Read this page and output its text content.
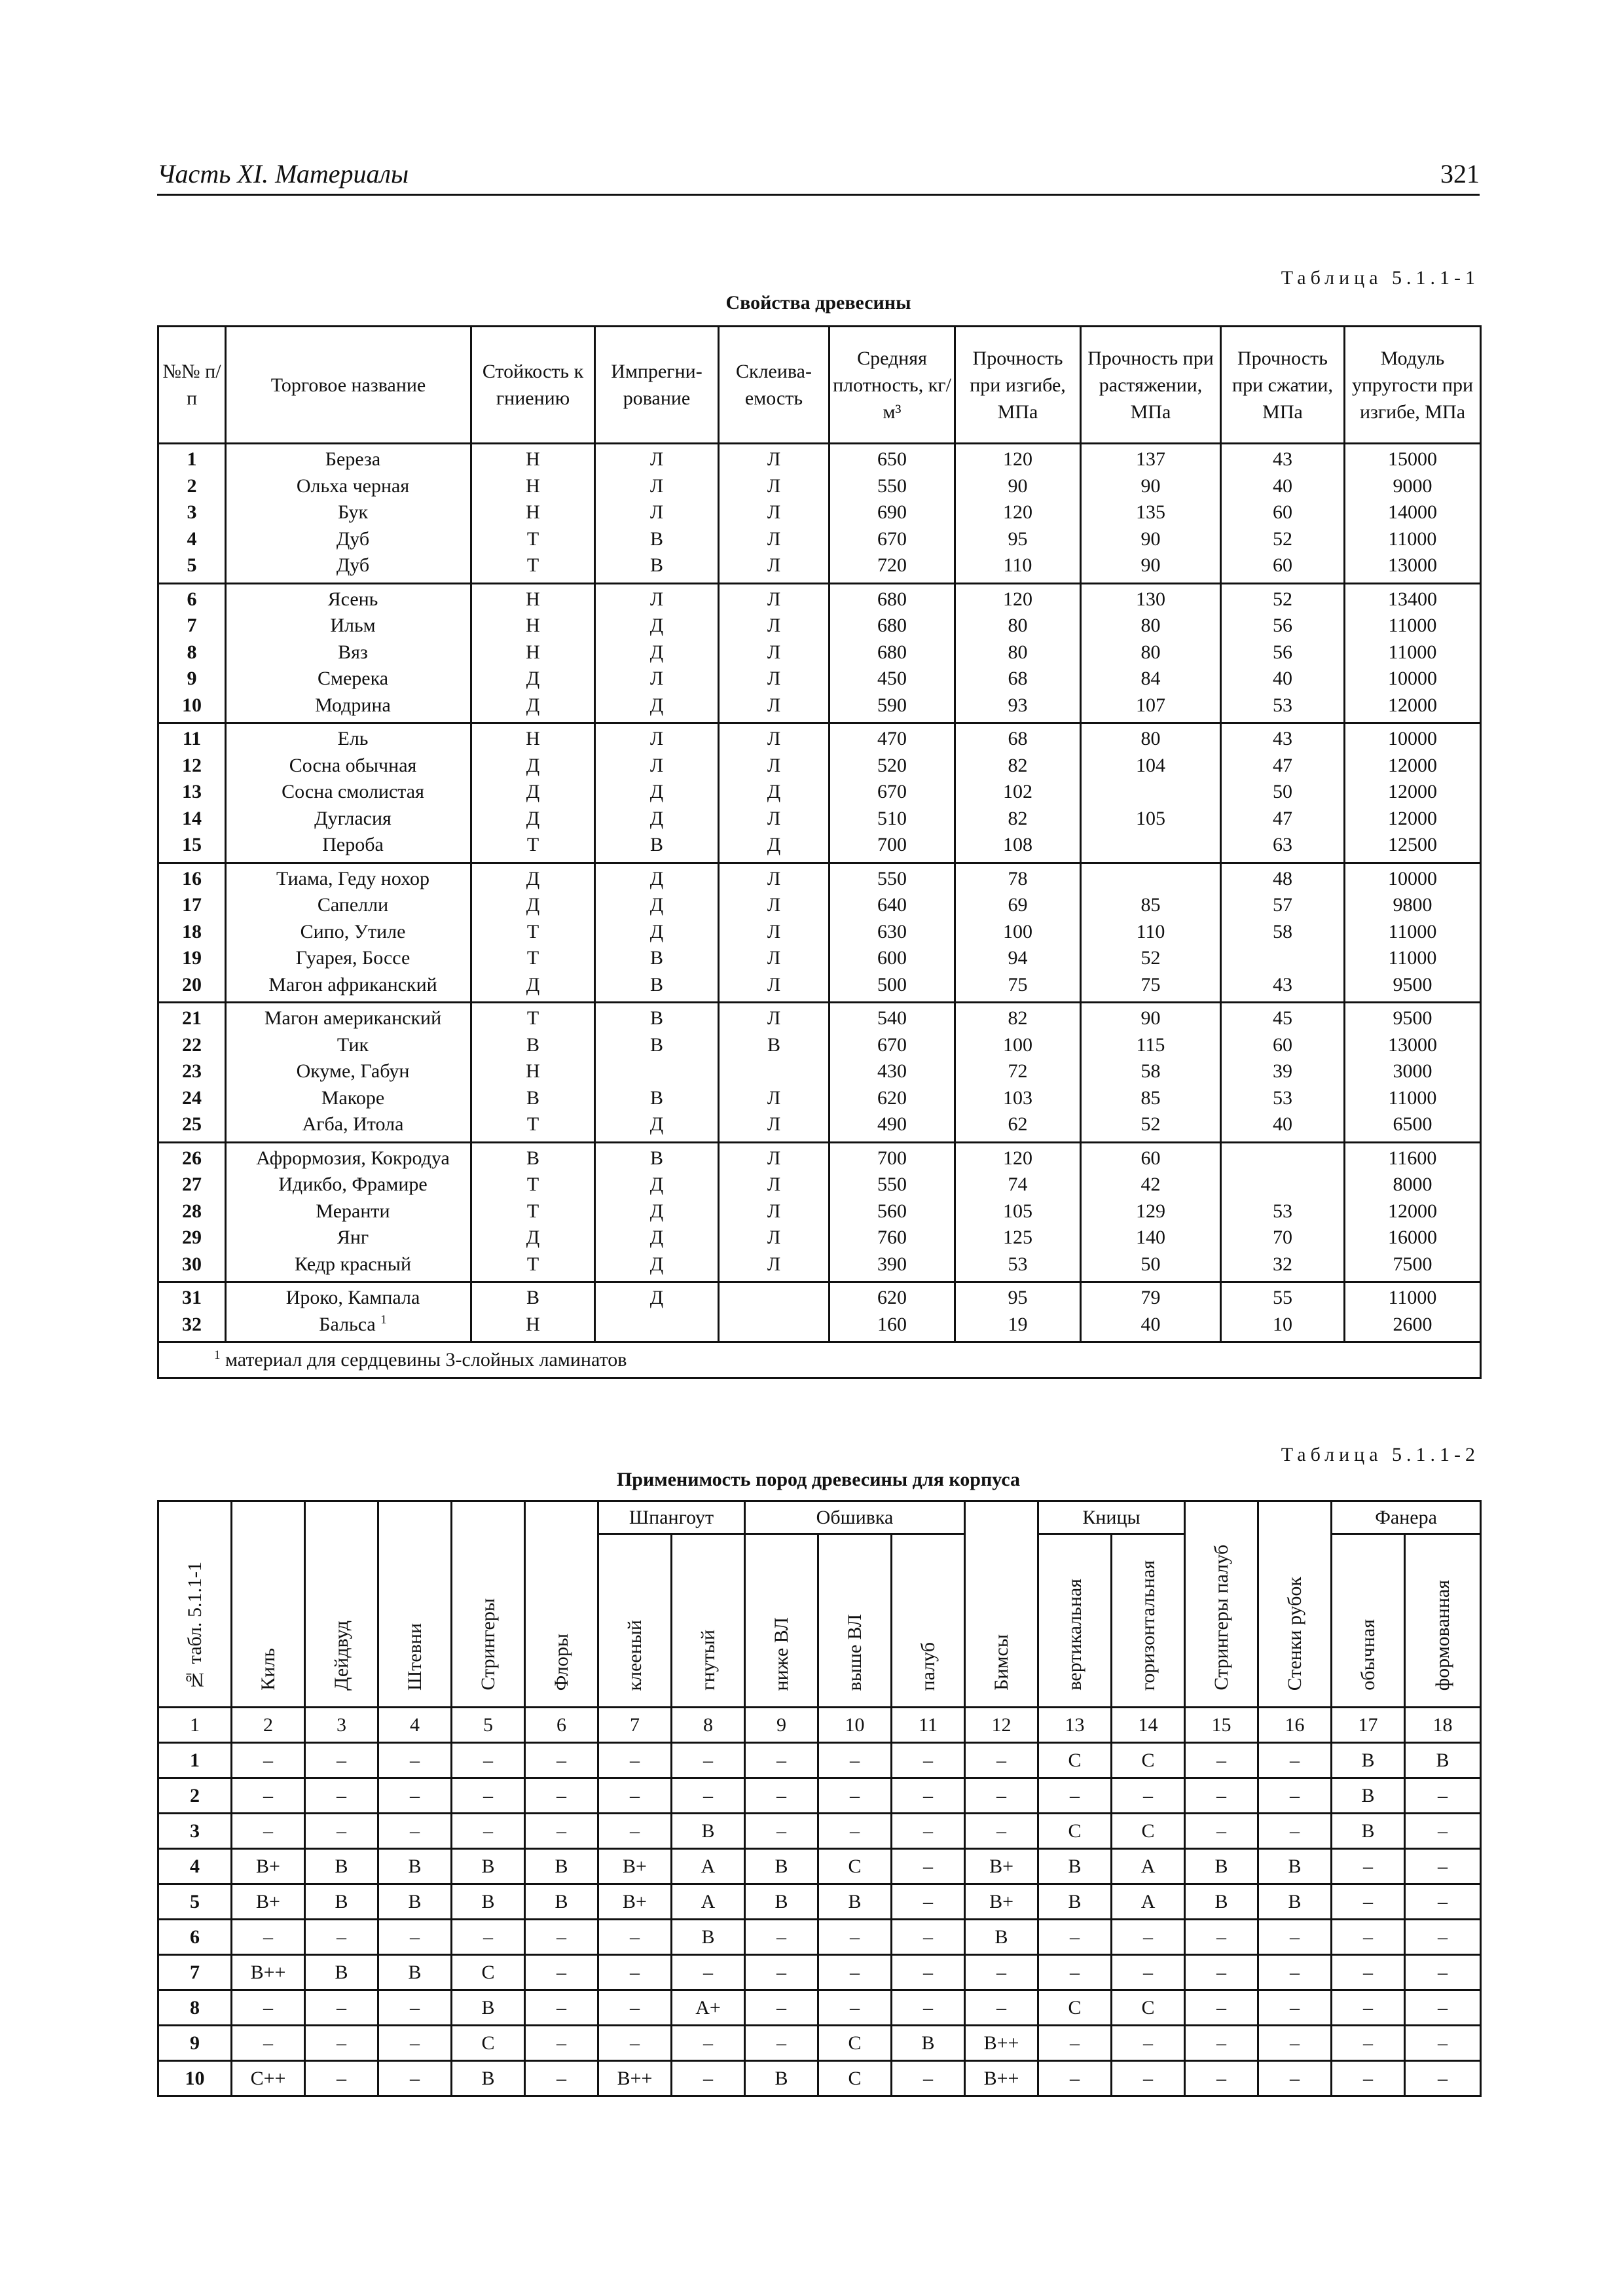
Часть XI. Материалы	321
Таблица 5.1.1-1
Свойства древесины
№№ п/п	Торговое название	Стойкость к гниению	Импрегни- рование	Склеива- емость	Средняя плотность, кг/м³	Прочность при изгибе, МПа	Прочность при растяжении, МПа	Прочность при сжатии, МПа	Модуль упругости при изгибе, МПа
1	Береза	Н	Л	Л	650	120	137	43	15000
2	Ольха черная	Н	Л	Л	550	90	90	40	9000
3	Бук	Н	Л	Л	690	120	135	60	14000
4	Дуб	Т	В	Л	670	95	90	52	11000
5	Дуб	Т	В	Л	720	110	90	60	13000
6	Ясень	Н	Л	Л	680	120	130	52	13400
7	Ильм	Н	Д	Л	680	80	80	56	11000
8	Вяз	Н	Д	Л	680	80	80	56	11000
9	Смерека	Д	Л	Л	450	68	84	40	10000
10	Модрина	Д	Д	Л	590	93	107	53	12000
11	Ель	Н	Л	Л	470	68	80	43	10000
12	Сосна обычная	Д	Л	Л	520	82	104	47	12000
13	Сосна смолистая	Д	Д	Д	670	102		50	12000
14	Дугласия	Д	Д	Л	510	82	105	47	12000
15	Пероба	Т	В	Д	700	108		63	12500
16	Тиама, Геду нохор	Д	Д	Л	550	78		48	10000
17	Сапелли	Д	Д	Л	640	69	85	57	9800
18	Сипо, Утиле	Т	Д	Л	630	100	110	58	11000
19	Гуарея, Боссе	Т	В	Л	600	94	52		11000
20	Магон африканский	Д	В	Л	500	75	75	43	9500
21	Магон американский	Т	В	Л	540	82	90	45	9500
22	Тик	В	В	В	670	100	115	60	13000
23	Окуме, Габун	Н			430	72	58	39	3000
24	Макоре	В	В	Л	620	103	85	53	11000
25	Агба, Итола	Т	Д	Л	490	62	52	40	6500
26	Афрормозия, Кокродуа	В	В	Л	700	120	60		11600
27	Идикбо, Фрамире	Т	Д	Л	550	74	42		8000
28	Меранти	Т	Д	Л	560	105	129	53	12000
29	Янг	Д	Д	Л	760	125	140	70	16000
30	Кедр красный	Т	Д	Л	390	53	50	32	7500
31	Ироко, Кампала	В	Д		620	95	79	55	11000
32	Бальса $^1$	Н			160	19	40	10	2600
$^1$ материал для сердцевины 3-слойных ламинатов									
Таблица 5.1.1-2
Применимость пород древесины для корпуса
№ табл. 5.1.1-1	Киль	Дейдвуд	Штевни	Стрингеры	Флоры	Шпангоут		Обшивка			Бимсы	Кницы		Стрингеры палуб	Стенки рубок	Фанера	
						клееный	гнутый	ниже ВЛ	выше ВЛ	палуб		вертикальная	горизонтальная			обычная	формованная
1	2	3	4	5	6	7	8	9	10	11	12	13	14	15	16	17	18
1	–	–	–	–	–	–	–	–	–	–	–	С	С	–	–	В	В
2	–	–	–	–	–	–	–	–	–	–	–	–	–	–	–	В	–
3	–	–	–	–	–	–	В	–	–	–	–	С	С	–	–	В	–
4	В+	В	В	В	В	В+	А	В	С	–	В+	В	А	В	В	–	–
5	В+	В	В	В	В	В+	А	В	В	–	В+	В	А	В	В	–	–
6	–	–	–	–	–	–	В	–	–	–	В	–	–	–	–	–	–
7	В++	В	В	С	–	–	–	–	–	–	–	–	–	–	–	–	–
8	–	–	–	В	–	–	А+	–	–	–	–	С	С	–	–	–	–
9	–	–	–	С	–	–	–	–	С	В	В++	–	–	–	–	–	–
10	С++	–	–	В	–	В++	–	В	С	–	В++	–	–	–	–	–	–
